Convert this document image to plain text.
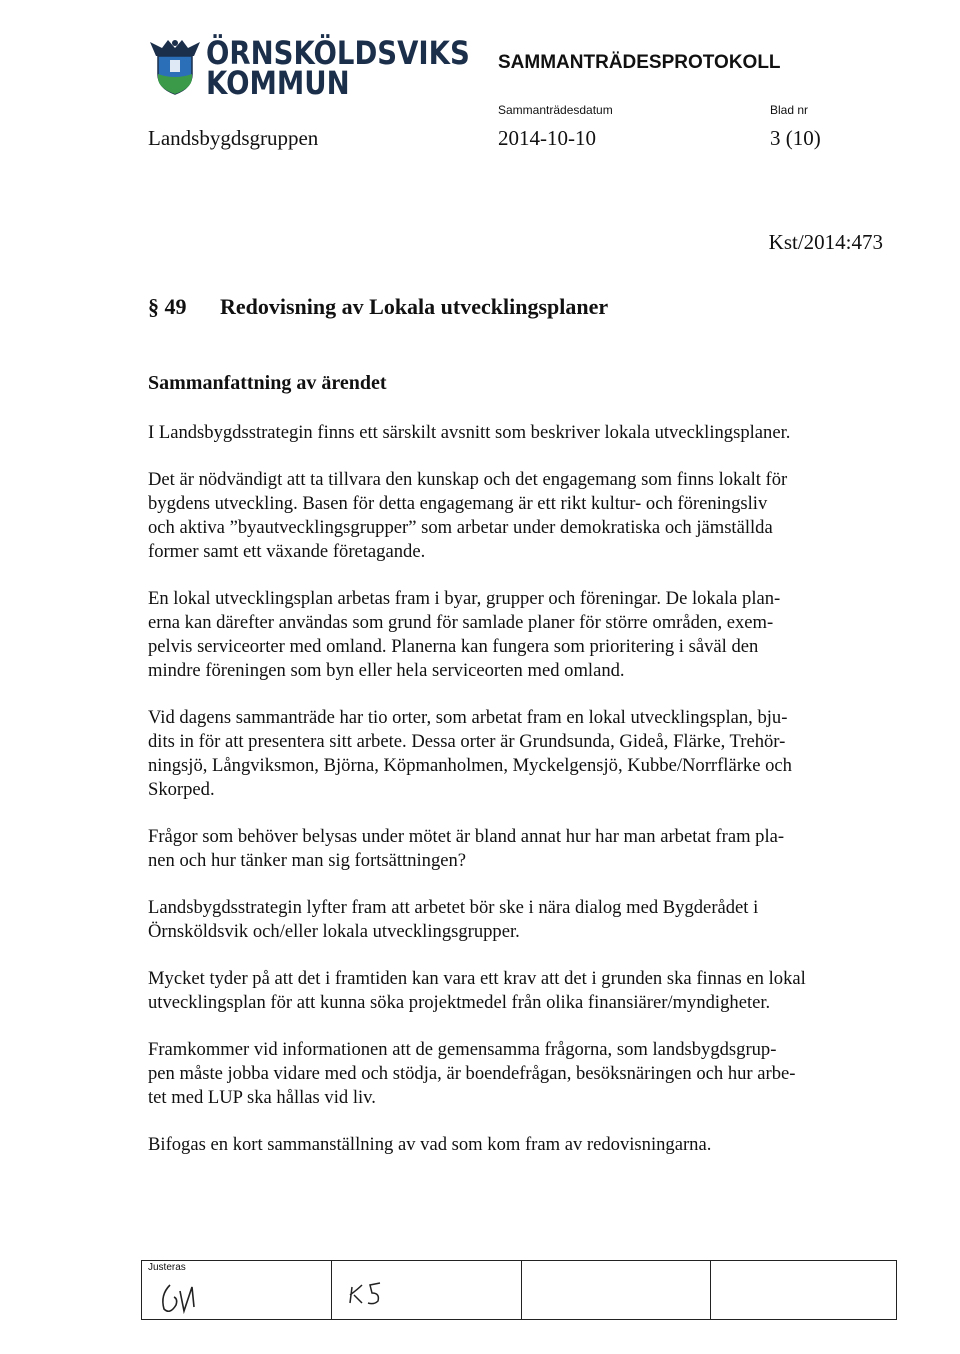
ÖRNSKÖLDSVIKS
KOMMUN
SAMMANTRÄDESPROTOKOLL
Landsbygdsgruppen
Sammanträdesdatum
2014-10-10
Blad nr
3 (10)
Kst/2014:473
§ 49 Redovisning av Lokala utvecklingsplaner
Sammanfattning av ärendet

I Landsbygdsstrategin finns ett särskilt avsnitt som beskriver lokala utvecklingsplaner.

Det är nödvändigt att ta tillvara den kunskap och det engagemang som finns lokalt för
bygdens utveckling. Basen för detta engagemang är ett rikt kultur- och föreningsliv
och aktiva ”byautvecklingsgrupper” som arbetar under demokratiska och jämställda
former samt ett växande företagande.

En lokal utvecklingsplan arbetas fram i byar, grupper och föreningar. De lokala plan-
erna kan därefter användas som grund för samlade planer för större områden, exem-
pelvis serviceorter med omland. Planerna kan fungera som prioritering i såväl den
mindre föreningen som byn eller hela serviceorten med omland.

Vid dagens sammanträde har tio orter, som arbetat fram en lokal utvecklingsplan, bju-
dits in för att presentera sitt arbete. Dessa orter är Grundsunda, Gideå, Flärke, Trehör-
ningsjö, Långviksmon, Björna, Köpmanholmen, Myckelgensjö, Kubbe/Norrflärke och
Skorped.

Frågor som behöver belysas under mötet är bland annat hur har man arbetat fram pla-
nen och hur tänker man sig fortsättningen?

Landsbygdsstrategin lyfter fram att arbetet bör ske i nära dialog med Bygderådet i
Örnsköldsvik och/eller lokala utvecklingsgrupper.

Mycket tyder på att det i framtiden kan vara ett krav att det i grunden ska finnas en lokal
utvecklingsplan för att kunna söka projektmedel från olika finansiärer/myndigheter.

Framkommer vid informationen att de gemensamma frågorna, som landsbygdsgrup-
pen måste jobba vidare med och stödja, är boendefrågan, besöksnäringen och hur arbe-
tet med LUP ska hållas vid liv.

Bifogas en kort sammanställning av vad som kom fram av redovisningarna.

Justeras
